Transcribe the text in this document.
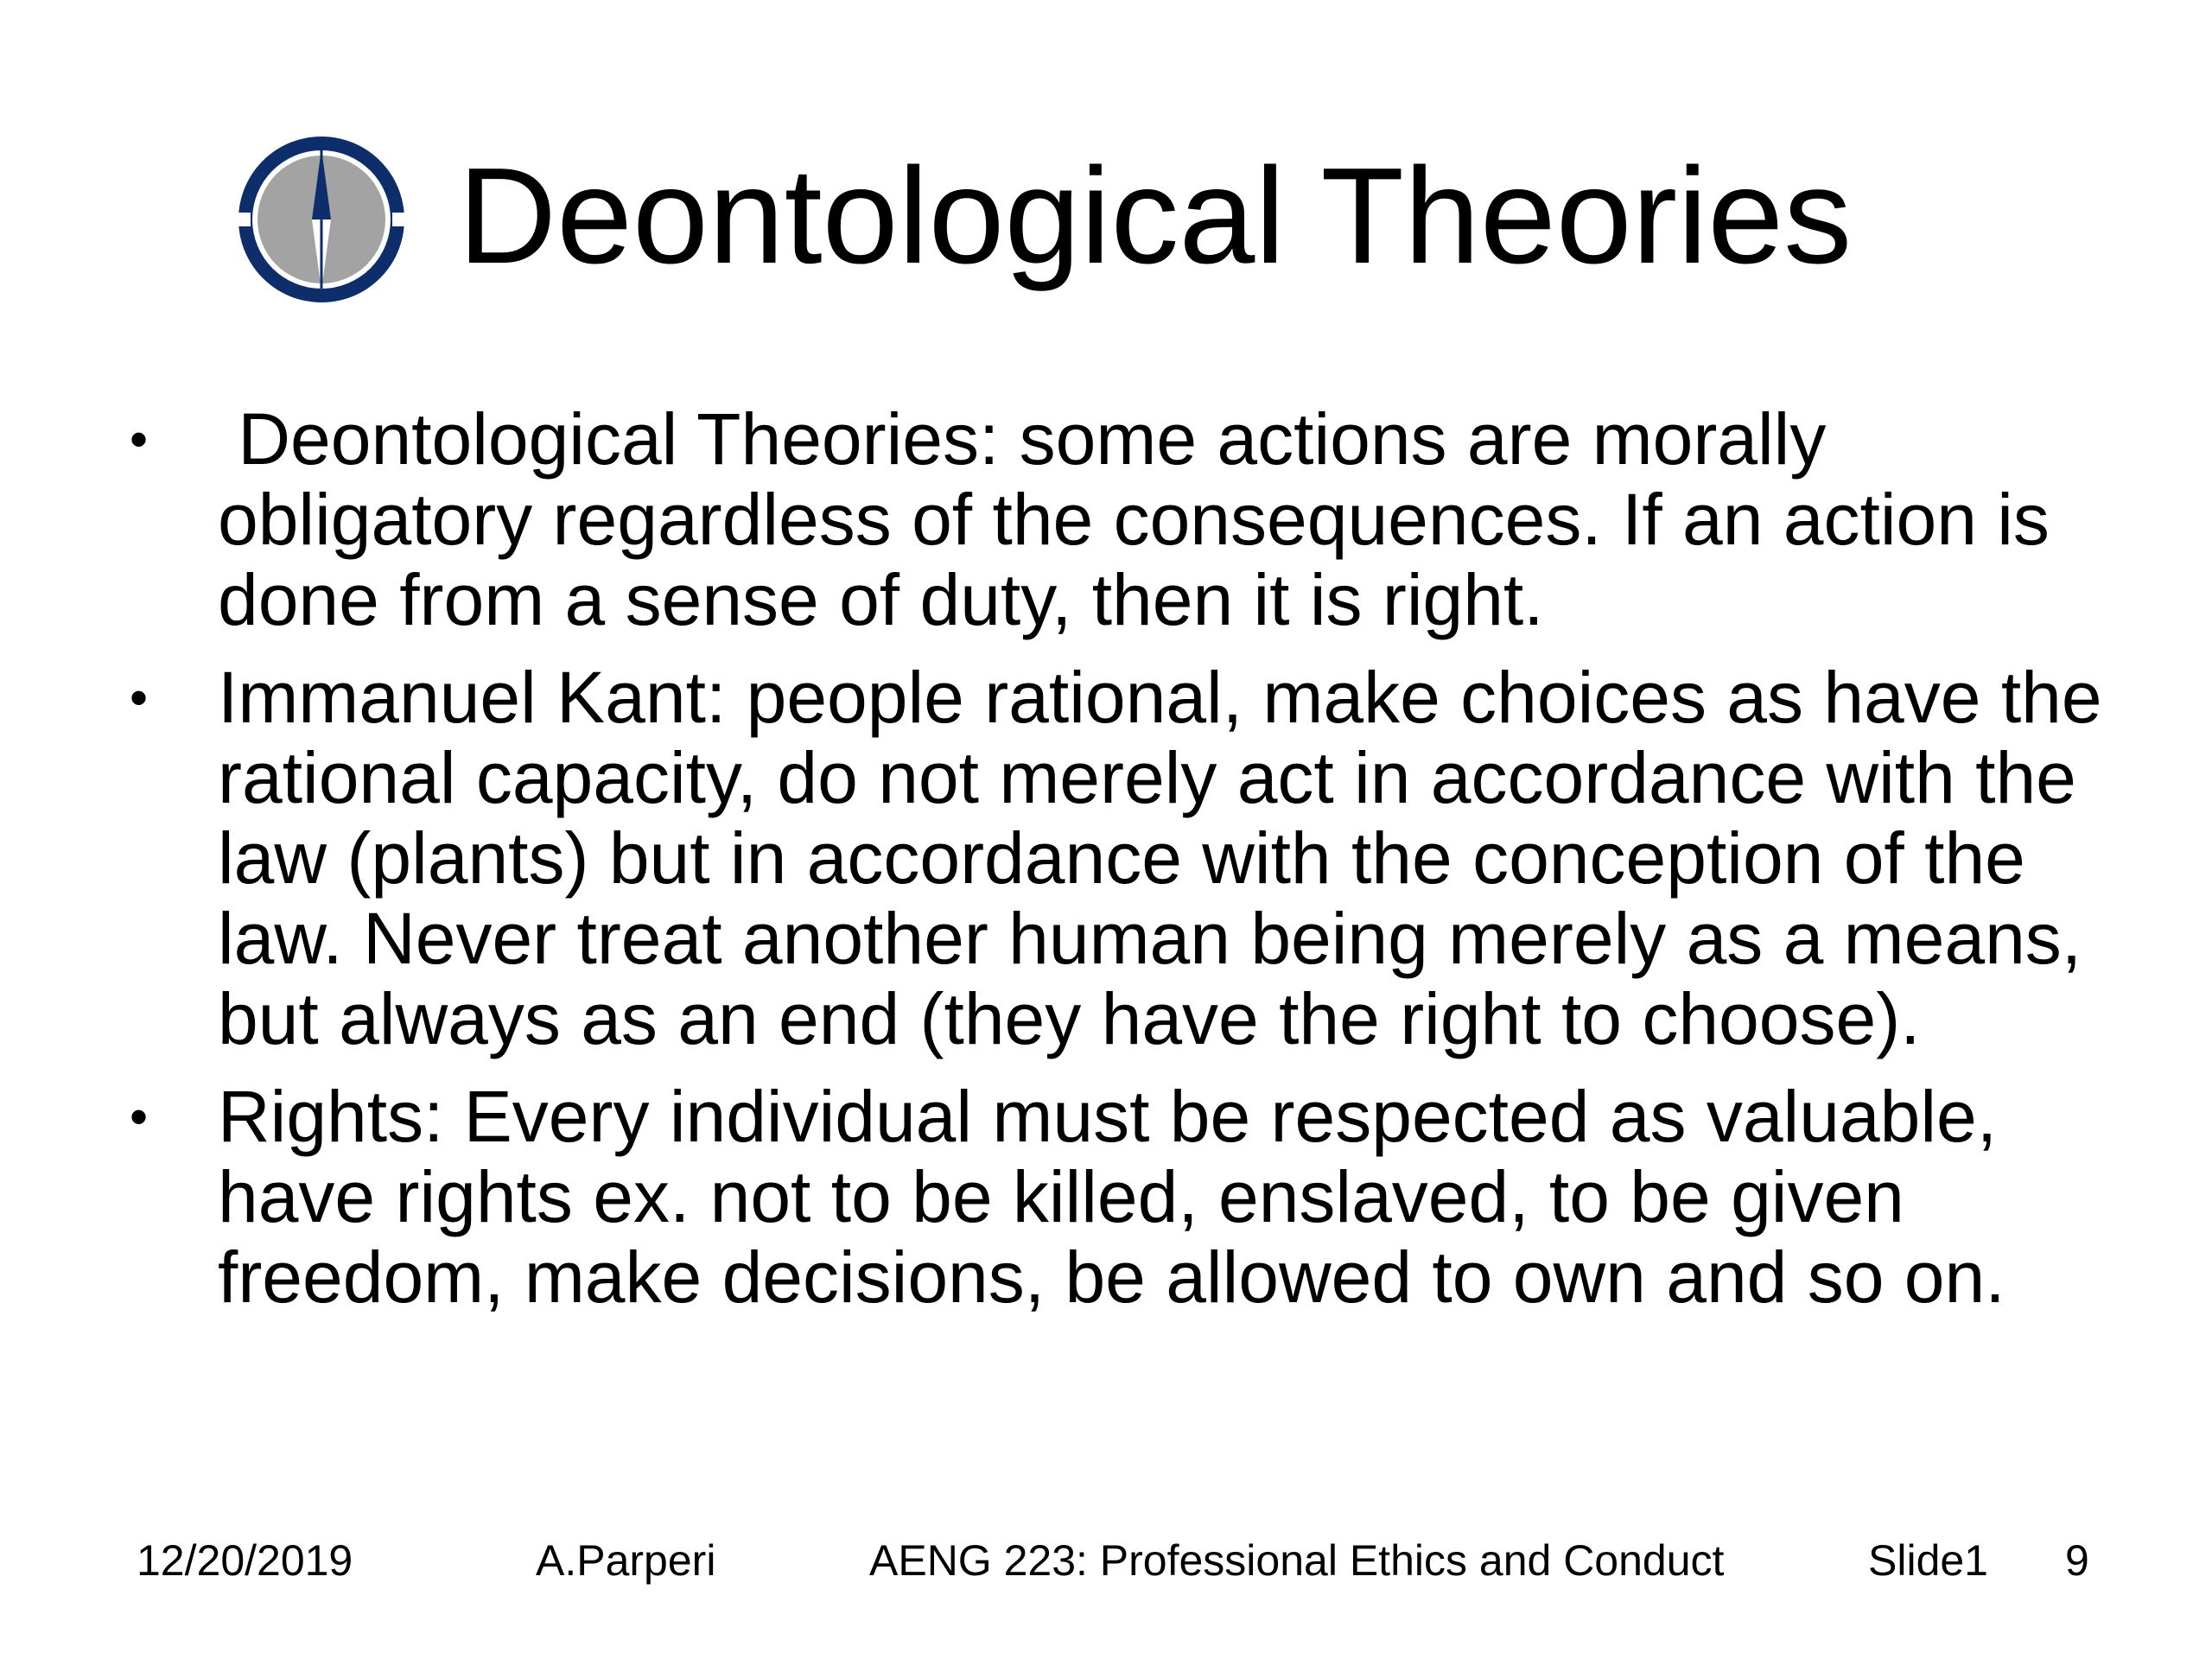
Deontological Theories
• Deontological Theories: some actions are morally obligatory regardless of the consequences. If an action is done from a sense of duty, then it is right.
• Immanuel Kant: people rational, make choices as have the rational capacity, do not merely act in accordance with the law (plants) but in accordance with the conception of the law. Never treat another human being merely as a means, but always as an end (they have the right to choose).
• Rights: Every individual must be respected as valuable, have rights ex. not to be killed, enslaved, to be given freedom, make decisions, be allowed to own and so on.
12/20/2019	A.Parperi	AENG 223: Professional Ethics and Conduct	Slide1 9
